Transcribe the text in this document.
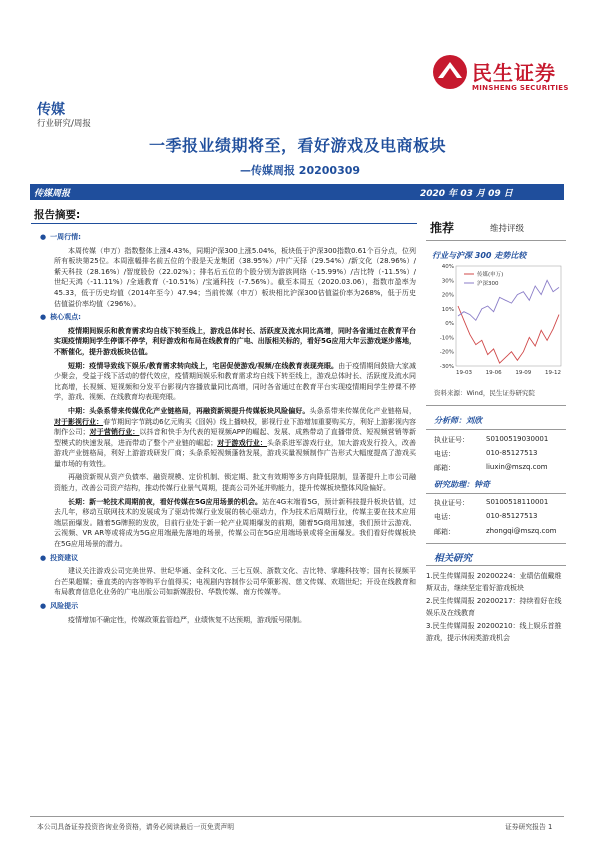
民生证券
MINSHENG SECURITIES
传媒
行业研究/周报
一季报业绩期将至，看好游戏及电商板块
—传媒周报 20200309
传媒周报	2020 年 03 月 09 日
报告摘要:

● 一周行情:

本周传媒（申万）指数整体上涨4.43%，同期沪深300上涨5.04%，板块低于沪深300指数0.61个百分点，位列所有板块第25位。本周涨幅排名前五位的个股是天龙集团（38.95%）/中广天择（29.54%）/新文化（28.96%）/紫天科技（28.16%）/智度股份（22.02%）；排名后五位的个股分别为游族网络（-15.99%）/吉比特（-11.5%）/世纪天鸿（-11.11%）/全通教育（-10.51%）/宝通科技（-7.56%）。截至本周五（2020.03.06），指数市盈率为45.33，低于历史均值（2014年至今）47.94；当前传媒（申万）板块相比沪深300估值溢价率为268%，低于历史估值溢价率均值（296%）。

● 核心观点:

疫情期间娱乐和教育需求均自线下转至线上，游戏总体时长、活跃度及流水同比高增，同时各省通过在教育平台实现疫情期间学生停课不停学，利好游戏和布局在线教育的广电、出版相关标的，看好5G应用大年云游戏逐步落地，不断催化，提升游戏板块估值。

短期：疫情导致线下娱乐/教育需求转向线上，宅居促使游戏/视频/在线教育表现亮眼。由于疫情期间鼓励大家减少聚会，受益于线下活动的替代效应，疫情期间娱乐和教育需求均自线下转至线上，游戏总体时长、活跃度及流水同比高增，长视频、短视频和分发平台影视内容播放量同比高增，同时各省通过在教育平台实现疫情期间学生停课不停学，游戏、视频、在线教育均表现亮眼。

中期：头条系带来传媒优化产业链格局，再融资新规提升传媒板块风险偏好。头条系带来传媒优化产业链格局，对于影视行业：春节期间字节跳动6亿元购买《囧妈》线上播映权，影视行业下游增加重要购买方，利好上游影视内容制作公司；对于营销行业：以抖音和快手为代表的短视频APP的崛起、发展、成熟带动了直播带货、短视频营销等新型模式的快速发展，进而带动了整个产业链的崛起；对于游戏行业：头条系进军游戏行业，加大游戏发行投入，改善游戏产业链格局，利好上游游戏研发厂商；头条系短视频蓬勃发展，游戏买量视频制作广告形式大幅度提高了游戏买量市场的有效性。

再融资新规从资产负债率、融资规模、定价机制、锁定期、批文有效期等多方向降低限制，显著提升上市公司融资能力，改善公司资产结构，推动传媒行业景气周期，提高公司外延并购能力，提升传媒板块整体风险偏好。

长期：新一轮技术周期前夜，看好传媒在5G应用场景的机会。站在4G末端看5G，预计新科技提升板块估值，过去几年，移动互联网技术的发展成为了驱动传媒行业发展的核心驱动力，作为技术后周期行业，传媒主要在技术应用端层面爆发。随着5G牌照的发放，目前行业处于新一轮产业周期爆发的前期，随着5G商用加速，我们预计云游戏、云视频、VR AR等或将成为5G应用端最先落地的场景，传媒公司在5G应用端场景或将全面爆发。我们看好传媒板块在5G应用场景的潜力。

● 投资建议

建议关注游戏公司完美世界、世纪华通、金科文化、三七互娱、浙数文化、吉比特、掌趣科技等；国有长视频平台芒果超媒；垂直类的内容等购平台值得买；电视剧内容制作公司华策影视、慈文传媒、欢瑞世纪；开设在线教育和布局教育信息化业务的广电出版公司如新媒股份、华数传媒、南方传媒等。

● 风险提示

疫情增加不确定性，传媒政策监管趋严，业绩恢复不达预期，游戏版号限制。

推荐	维持评级
行业与沪深 300 走势比较
40%
30%
20%
10%
0%
-10%
-20%
-30%
19-03 19-06 19-09 19-12
传媒(申万)
沪深300
资料来源：Wind，民生证券研究院
分析师：刘欣
执业证号： S0100519030001
电话：	010-85127513
邮箱：	liuxin@mszq.com
研究助理：钟奇
执业证号： S0100518110001
电话：	010-85127513
邮箱：	zhongqi@mszq.com
相关研究

1.民生传媒周报 20200224：业绩估值戴维斯双击，继续坚定看好游戏板块

2.民生传媒周报 20200217：持续看好在线娱乐及在线教育

3.民生传媒周报 20200210：线上娱乐首推游戏，提示休闲类游戏机会

本公司具备证券投资咨询业务资格，请务必阅读最后一页免责声明	证券研究报告 1
